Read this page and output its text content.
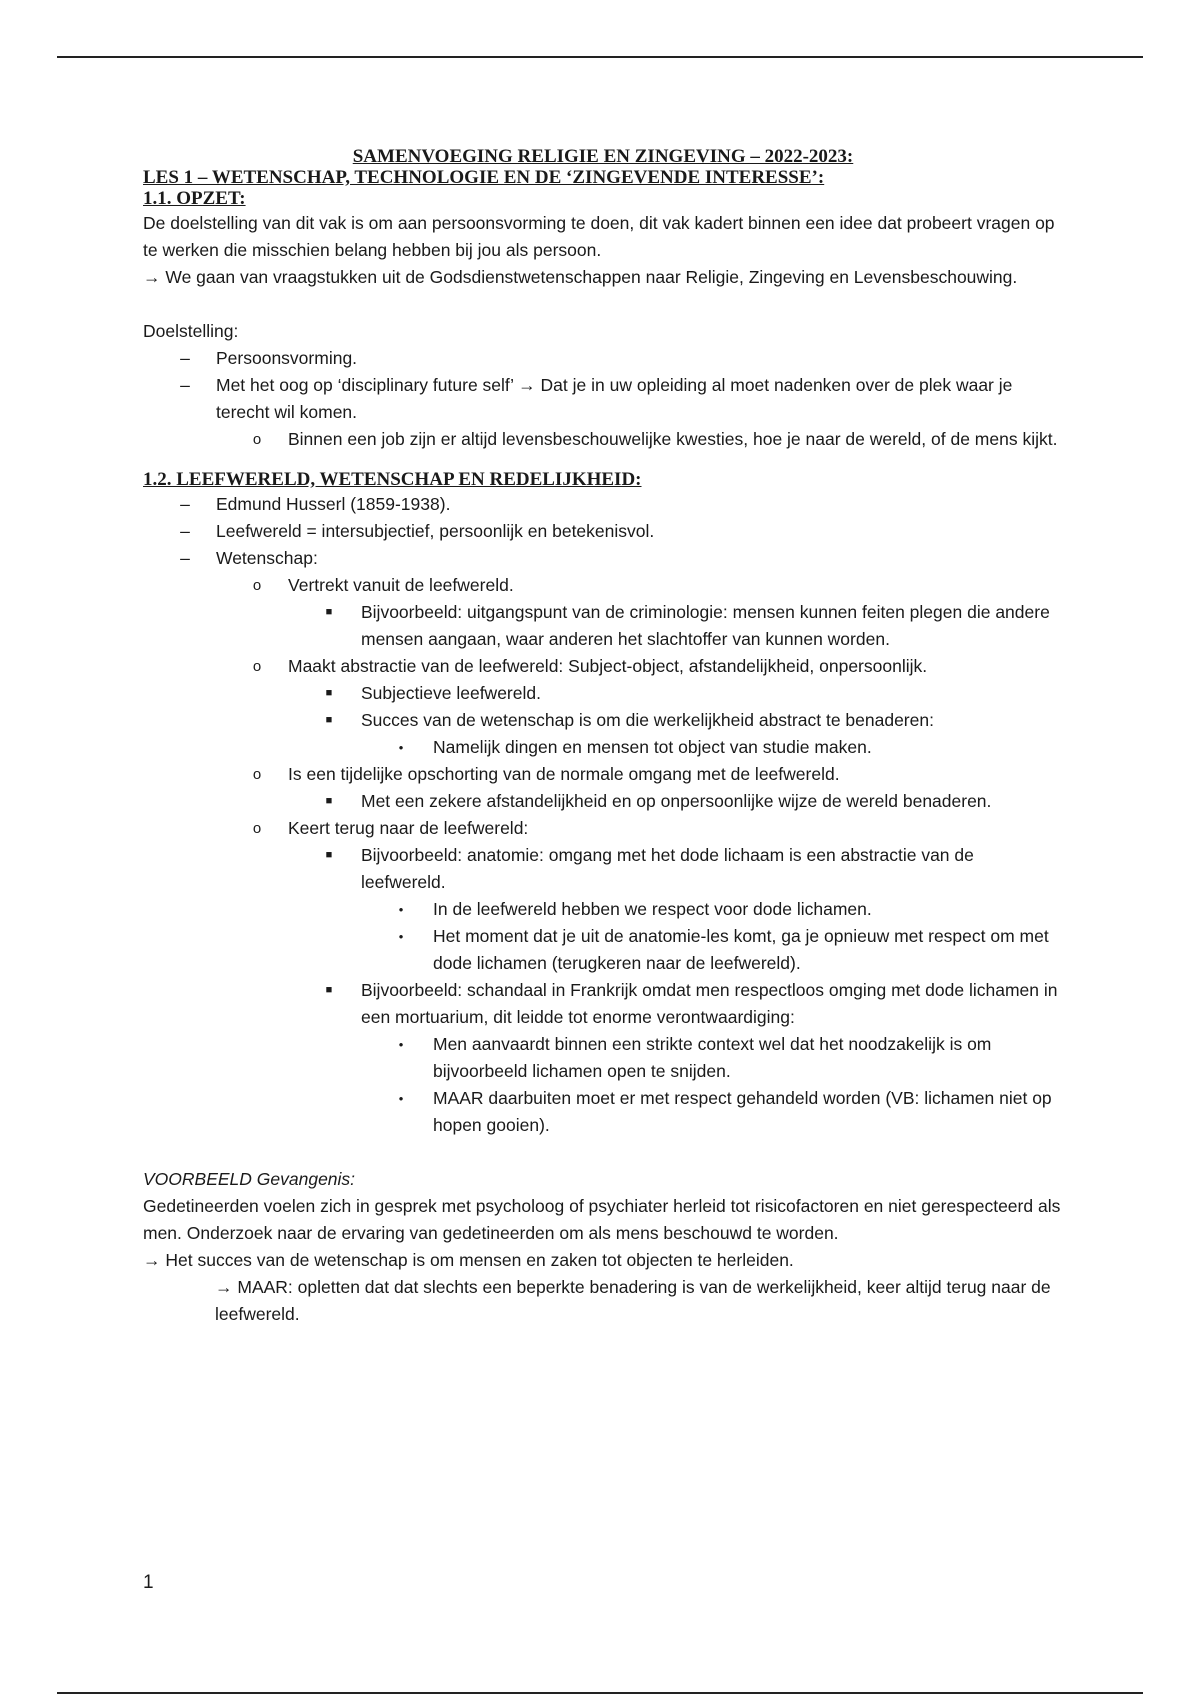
SAMENVOEGING RELIGIE EN ZINGEVING – 2022-2023:
LES 1 – WETENSCHAP, TECHNOLOGIE EN DE ‘ZINGEVENDE INTERESSE’:
1.1. OPZET:

De doelstelling van dit vak is om aan persoonsvorming te doen, dit vak kadert binnen een idee dat probeert vragen op te werken die misschien belang hebben bij jou als persoon.

→ We gaan van vraagstukken uit de Godsdienstwetenschappen naar Religie, Zingeving en Levensbeschouwing.

Doelstelling:

– Persoonsvorming.
– Met het oog op ‘disciplinary future self’ → Dat je in uw opleiding al moet nadenken over de plek waar je terecht wil komen.
o	Binnen een job zijn er altijd levensbeschouwelijke kwesties, hoe je naar de wereld, of de mens kijkt.
1.2. LEEFWERELD, WETENSCHAP EN REDELIJKHEID:
– Edmund Husserl (1859-1938).
– Leefwereld = intersubjectief, persoonlijk en betekenisvol.
– Wetenschap:
o	Vertrekt vanuit de leefwereld.
■	Bijvoorbeeld: uitgangspunt van de criminologie: mensen kunnen feiten plegen die andere mensen aangaan, waar anderen het slachtoffer van kunnen worden.
o	Maakt abstractie van de leefwereld: Subject-object, afstandelijkheid, onpersoonlijk.
■	Subjectieve leefwereld.
■	Succes van de wetenschap is om die werkelijkheid abstract te benaderen:
•	Namelijk dingen en mensen tot object van studie maken.
o	Is een tijdelijke opschorting van de normale omgang met de leefwereld.
■	Met een zekere afstandelijkheid en op onpersoonlijke wijze de wereld benaderen.
o	Keert terug naar de leefwereld:
■	Bijvoorbeeld: anatomie: omgang met het dode lichaam is een abstractie van de leefwereld.
•	In de leefwereld hebben we respect voor dode lichamen.
•	Het moment dat je uit de anatomie-les komt, ga je opnieuw met respect om met dode lichamen (terugkeren naar de leefwereld).
■	Bijvoorbeeld: schandaal in Frankrijk omdat men respectloos omging met dode lichamen in een mortuarium, dit leidde tot enorme verontwaardiging:
•	Men aanvaardt binnen een strikte context wel dat het noodzakelijk is om bijvoorbeeld lichamen open te snijden.
•	MAAR daarbuiten moet er met respect gehandeld worden (VB: lichamen niet op hopen gooien).

VOORBEELD Gevangenis:

Gedetineerden voelen zich in gesprek met psycholoog of psychiater herleid tot risicofactoren en niet gerespecteerd als men. Onderzoek naar de ervaring van gedetineerden om als mens beschouwd te worden.

→ Het succes van de wetenschap is om mensen en zaken tot objecten te herleiden.

→ MAAR: opletten dat dat slechts een beperkte benadering is van de werkelijkheid, keer altijd terug naar de leefwereld.

1
